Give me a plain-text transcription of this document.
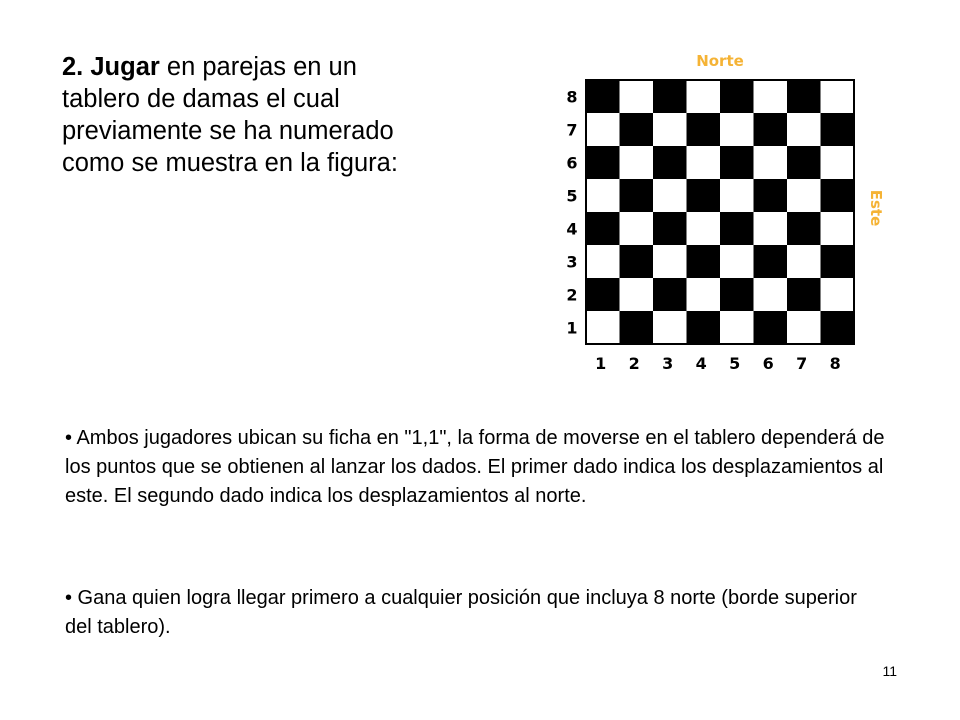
2. Jugar en parejas en un tablero de damas el cual previamente se ha numerado como se muestra en la figura:

Norte
8
7
6
5
4
3
2
1
1 2 3 4 5 6 7 8
Este

• Ambos jugadores ubican su ficha en "1,1", la forma de moverse en el tablero dependerá de los puntos que se obtienen al lanzar los dados. El primer dado indica los desplazamientos al este. El segundo dado indica los desplazamientos al norte.

• Gana quien logra llegar primero a cualquier posición que incluya 8 norte (borde superior del tablero).

11
